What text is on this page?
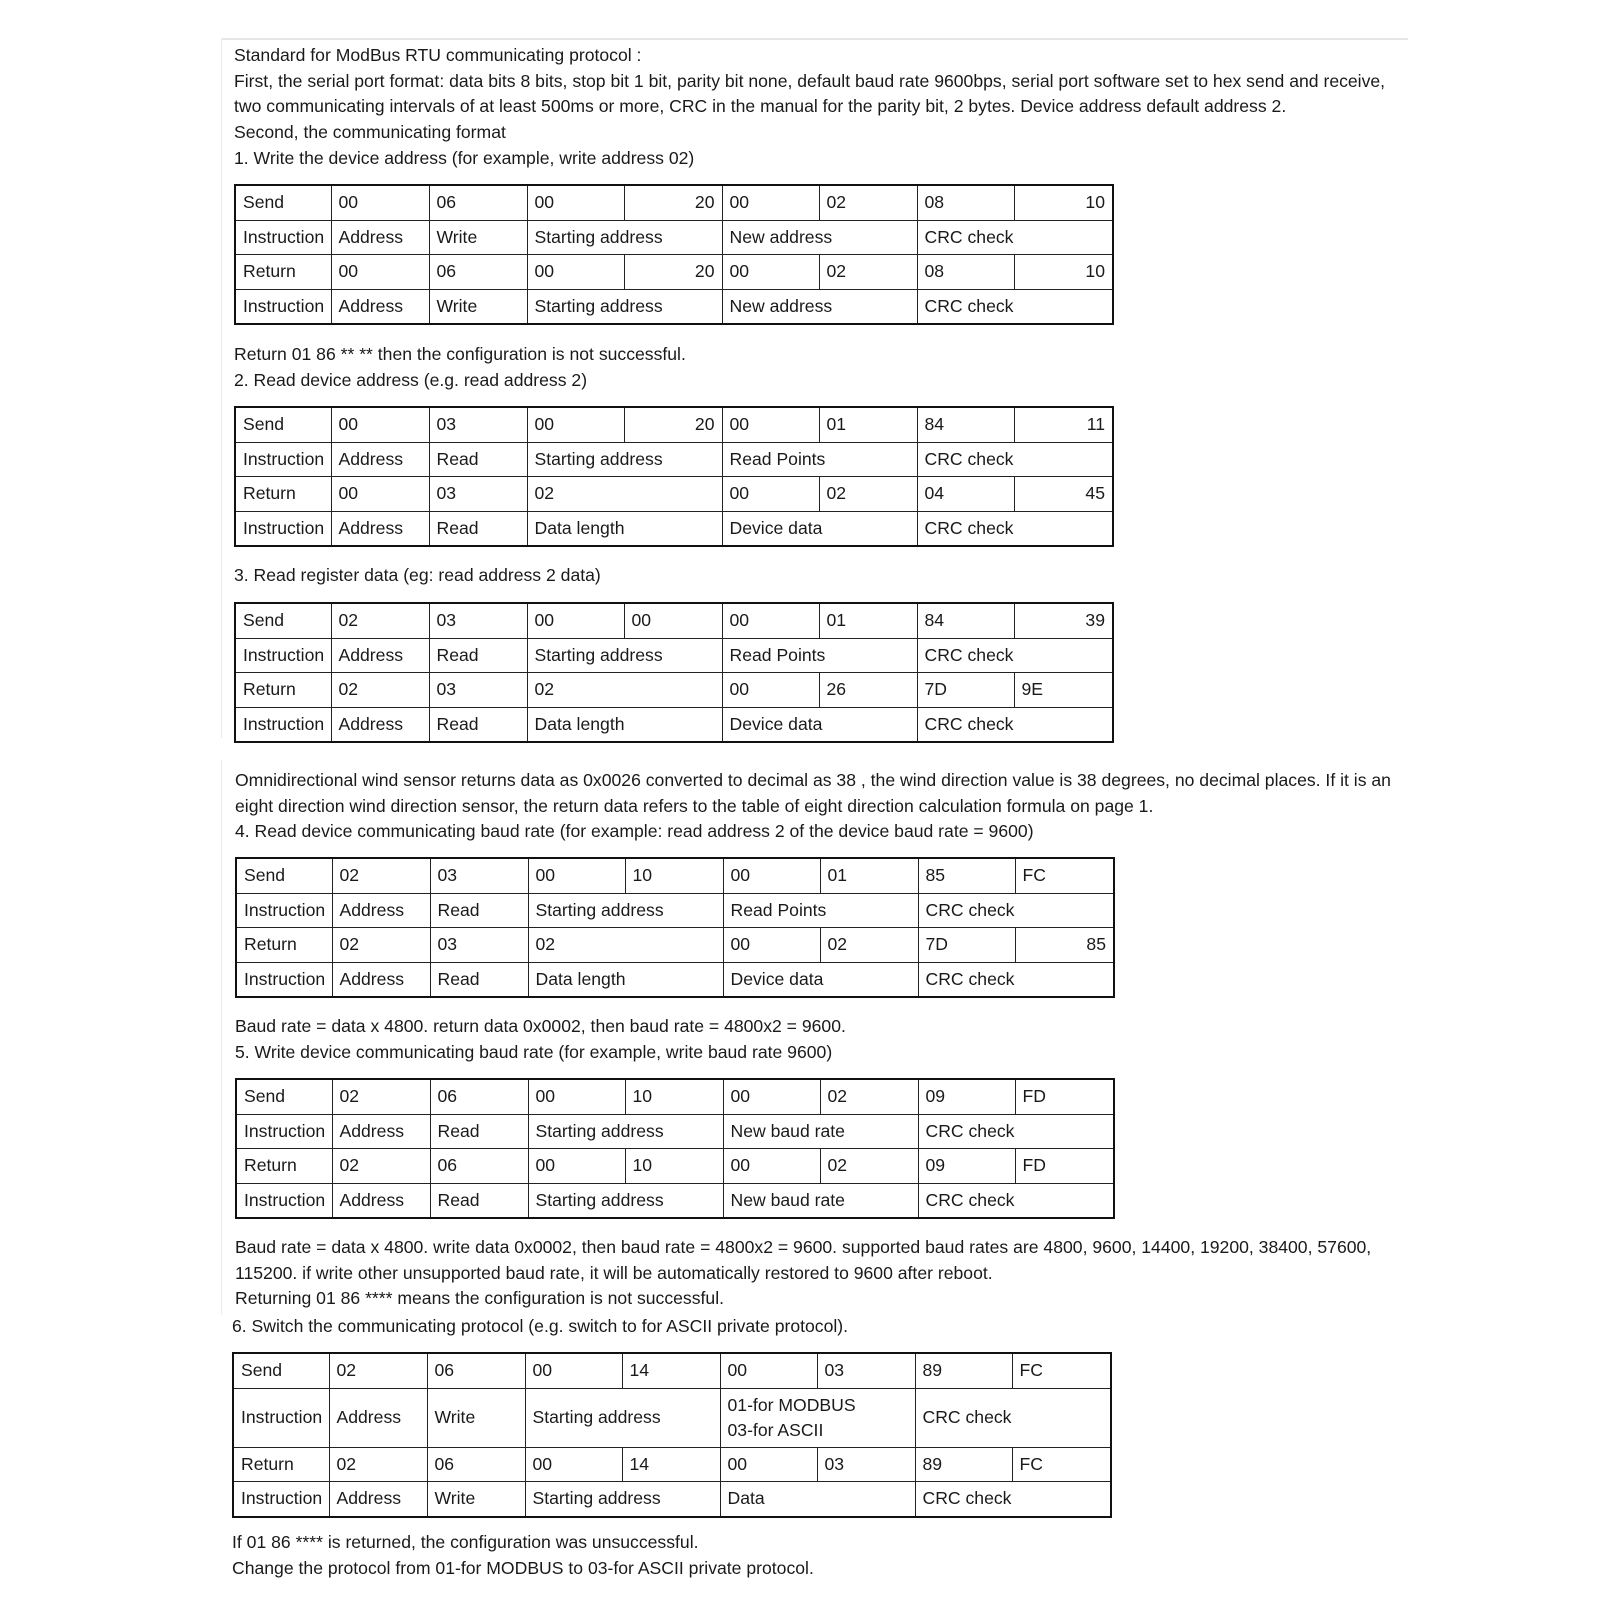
Standard for ModBus RTU communicating protocol :
First, the serial port format: data bits 8 bits, stop bit 1 bit, parity bit none, default baud rate 9600bps, serial port software set to hex send and receive,
two communicating intervals of at least 500ms or more, CRC in the manual for the parity bit, 2 bytes. Device address default address 2.
Second, the communicating format
1. Write the device address (for example, write address 02)
Send	00	06	00	20	00	02	08	10
Instruction	Address	Write	Starting address		New address		CRC check	
Return	00	06	00	20	00	02	08	10
Instruction	Address	Write	Starting address		New address		CRC check	
Return 01 86 ** ** then the configuration is not successful.
2. Read device address (e.g. read address 2)
Send	00	03	00	20	00	01	84	11
Instruction	Address	Read	Starting address		Read Points		CRC check	
Return	00	03	02		00	02	04	45
Instruction	Address	Read	Data length		Device data		CRC check	
3. Read register data (eg: read address 2 data)
Send	02	03	00	00	00	01	84	39
Instruction	Address	Read	Starting address		Read Points		CRC check	
Return	02	03	02		00	26	7D	9E
Instruction	Address	Read	Data length		Device data		CRC check	
Omnidirectional wind sensor returns data as 0x0026 converted to decimal as 38 , the wind direction value is 38 degrees, no decimal places. If it is an
eight direction wind direction sensor, the return data refers to the table of eight direction calculation formula on page 1.
4. Read device communicating baud rate (for example: read address 2 of the device baud rate = 9600)
Send	02	03	00	10	00	01	85	FC
Instruction	Address	Read	Starting address		Read Points		CRC check	
Return	02	03	02		00	02	7D	85
Instruction	Address	Read	Data length		Device data		CRC check	
Baud rate = data x 4800. return data 0x0002, then baud rate = 4800x2 = 9600.
5. Write device communicating baud rate (for example, write baud rate 9600)
Send	02	06	00	10	00	02	09	FD
Instruction	Address	Read	Starting address		New baud rate		CRC check	
Return	02	06	00	10	00	02	09	FD
Instruction	Address	Read	Starting address		New baud rate		CRC check	
Baud rate = data x 4800. write data 0x0002, then baud rate = 4800x2 = 9600. supported baud rates are 4800, 9600, 14400, 19200, 38400, 57600,
115200. if write other unsupported baud rate, it will be automatically restored to 9600 after reboot.
Returning 01 86 **** means the configuration is not successful.
6. Switch the communicating protocol (e.g. switch to for ASCII private protocol).
Send	02	06	00	14	00	03	89	FC
Instruction	Address	Write	Starting address		01-for MODBUS
03-for ASCII		CRC check	
Return	02	06	00	14	00	03	89	FC
Instruction	Address	Write	Starting address		Data		CRC check	
If 01 86 **** is returned, the configuration was unsuccessful.
Change the protocol from 01-for MODBUS to 03-for ASCII private protocol.
